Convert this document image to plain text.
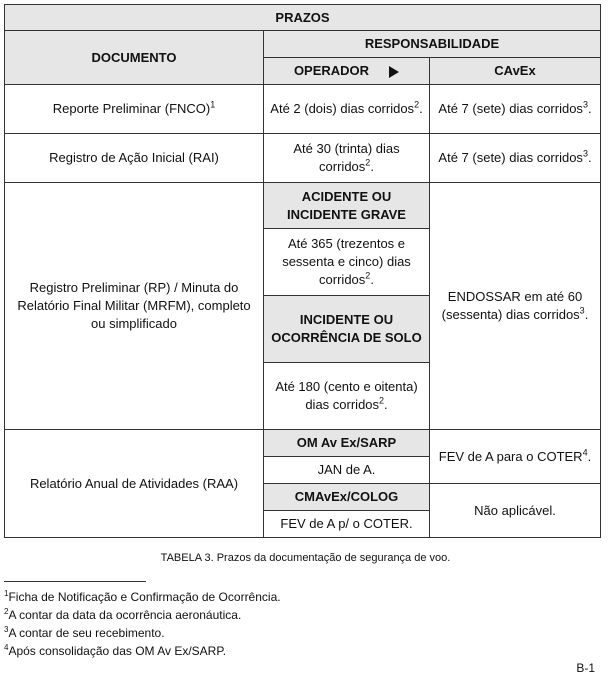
PRAZOS		
DOCUMENTO	RESPONSABILIDADE	
	OPERADOR	CAvEx
Reporte Preliminar (FNCO)$^1$	Até 2 (dois) dias corridos$^2$.	Até 7 (sete) dias corridos$^3$.
Registro de Ação Inicial (RAI)	Até 30 (trinta) dias corridos$^2$.	Até 7 (sete) dias corridos$^3$.
Registro Preliminar (RP) / Minuta do Relatório Final Militar (MRFM), completo ou simplificado	ACIDENTE OU INCIDENTE GRAVE	ENDOSSAR em até 60 (sessenta) dias corridos$^3$.
	Até 365 (trezentos e sessenta e cinco) dias corridos$^2$.	
	INCIDENTE OU OCORRÊNCIA DE SOLO	
	Até 180 (cento e oitenta) dias corridos$^2$.	
Relatório Anual de Atividades (RAA)	OM Av Ex/SARP	FEV de A para o COTER$^4$.
	JAN de A.	
	CMAvEx/COLOG	Não aplicável.
	FEV de A p/ o COTER.	
TABELA 3. Prazos da documentação de segurança de voo.
$^1$Ficha de Notificação e Confirmação de Ocorrência.
$^2$A contar da data da ocorrência aeronáutica.
$^3$A contar de seu recebimento.
$^4$Após consolidação das OM Av Ex/SARP.
B-1
